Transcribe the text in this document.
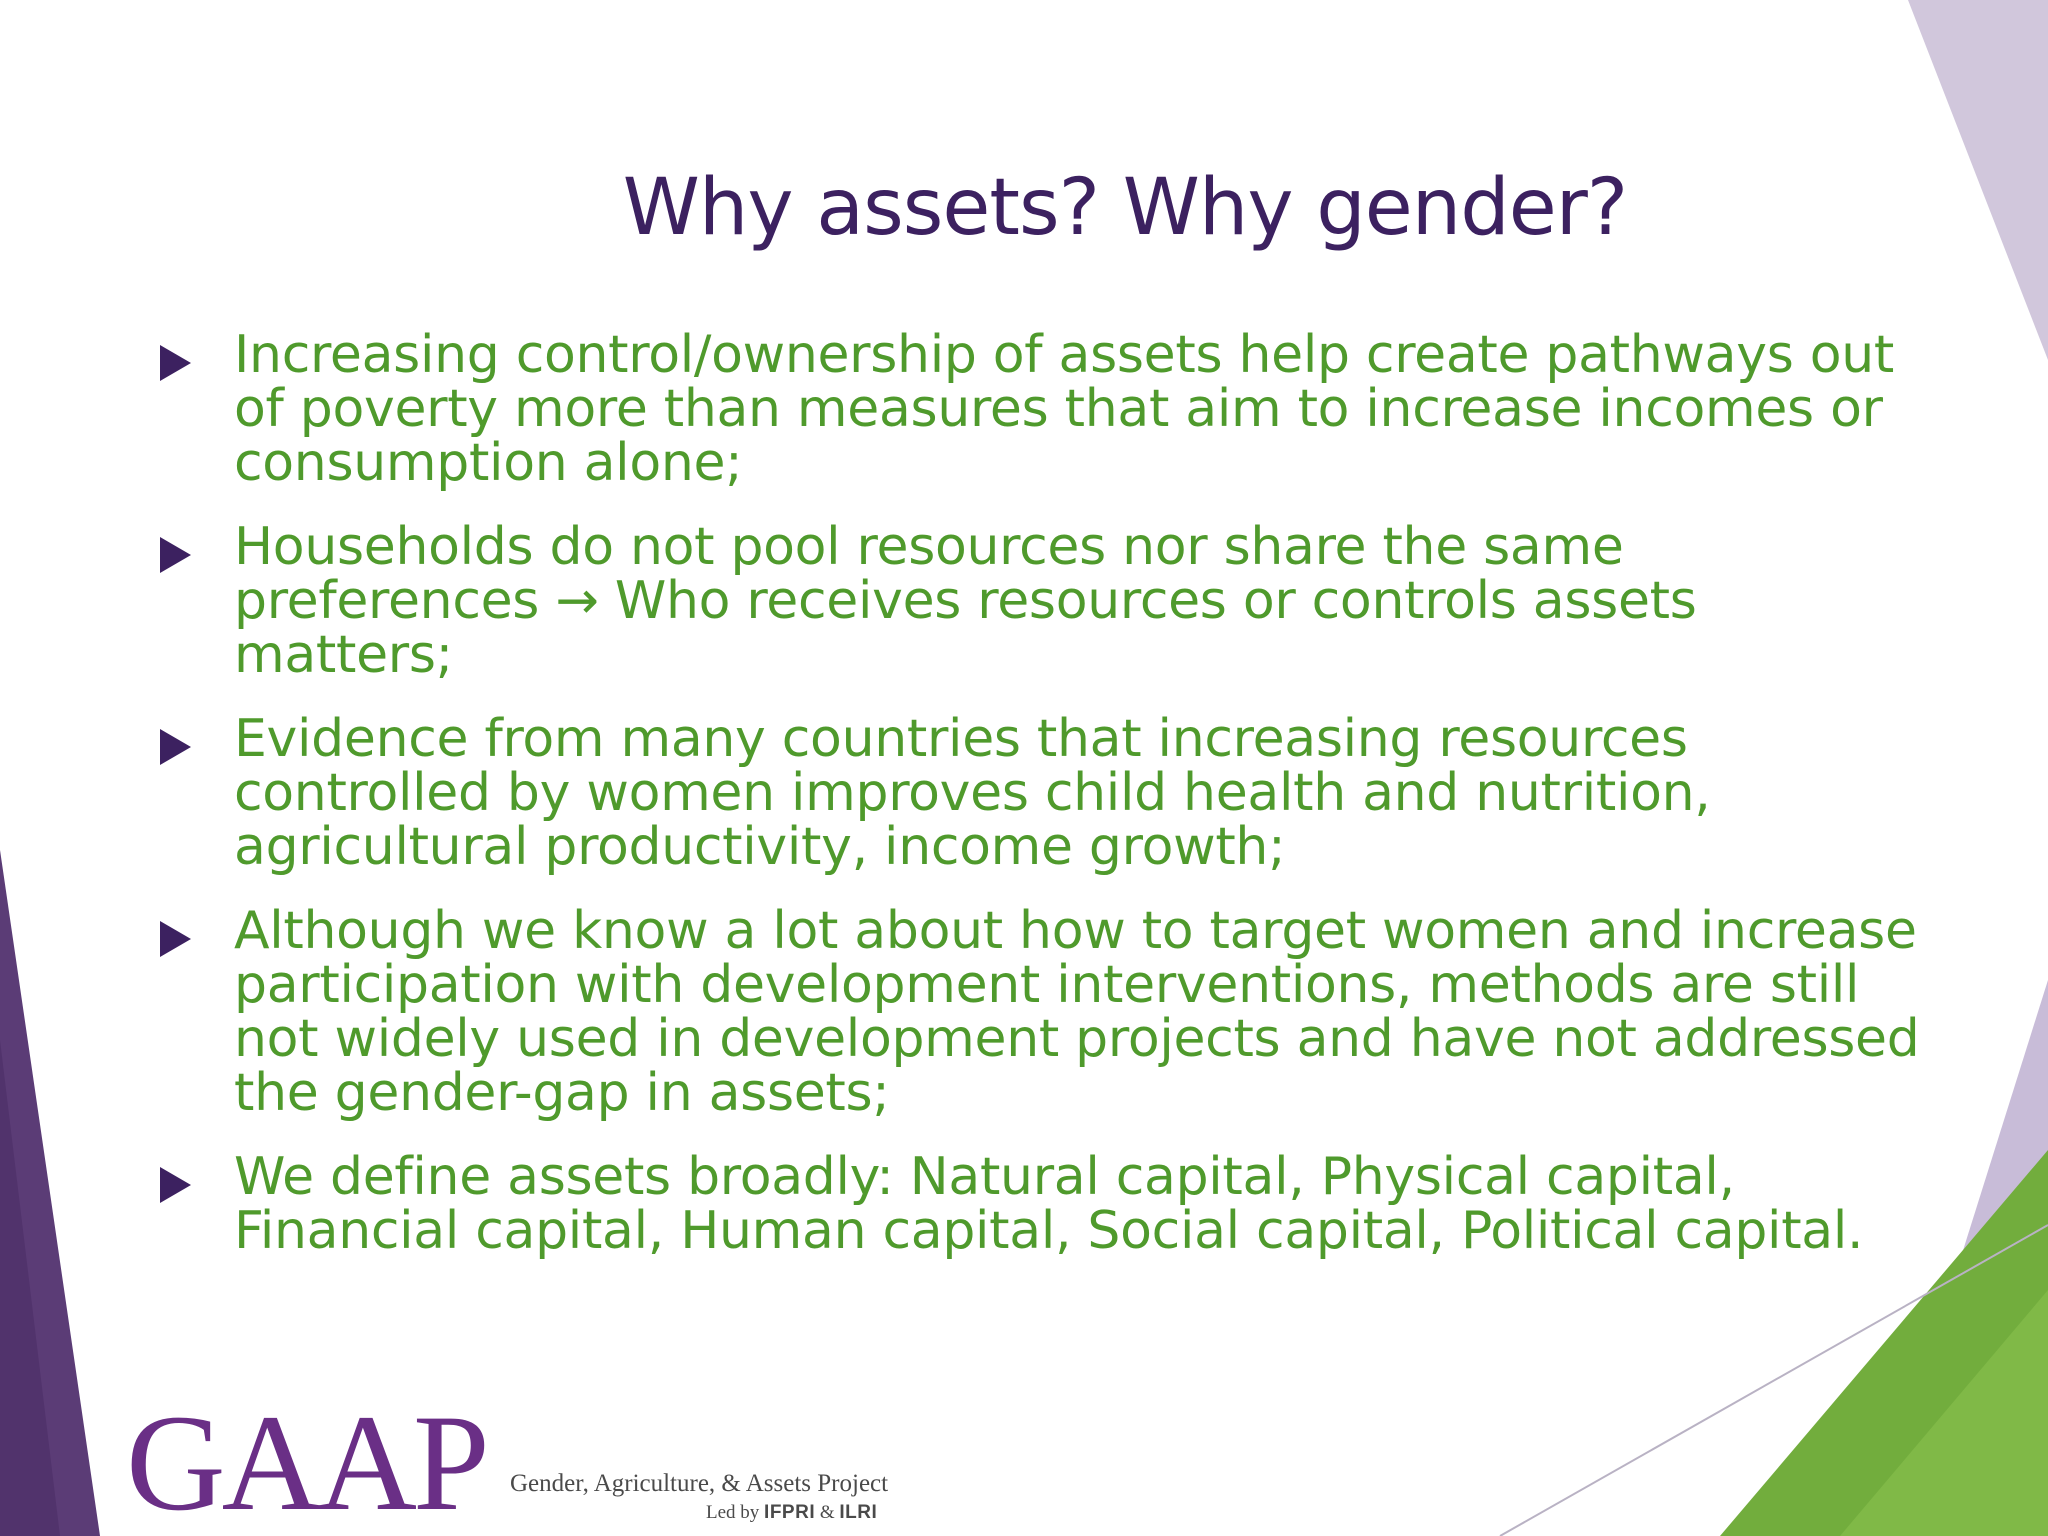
Why assets? Why gender?
Increasing control/ownership of assets help create pathways out of poverty more than measures that aim to increase incomes or consumption alone;
Households do not pool resources nor share the same preferences → Who receives resources or controls assets matters;
Evidence from many countries that increasing resources controlled by women improves child health and nutrition, agricultural productivity, income growth;
Although we know a lot about how to target women and increase participation with development interventions, methods are still not widely used in development projects and have not addressed the gender-gap in assets;
We define assets broadly: Natural capital, Physical capital, Financial capital, Human capital, Social capital, Political capital.
GAAP Gender, Agriculture, & Assets Project
Led by IFPRI & ILRI
